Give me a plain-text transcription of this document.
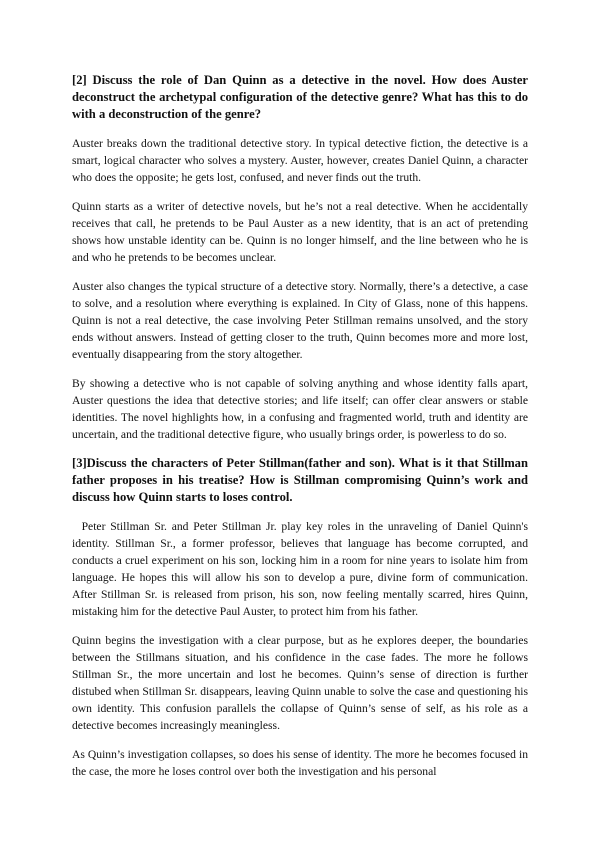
[2] Discuss the role of Dan Quinn as a detective in the novel. How does Auster deconstruct the archetypal configuration of the detective genre? What has this to do with a deconstruction of the genre?

Auster breaks down the traditional detective story. In typical detective fiction, the detective is a smart, logical character who solves a mystery. Auster, however, creates Daniel Quinn, a character who does the opposite; he gets lost, confused, and never finds out the truth.

Quinn starts as a writer of detective novels, but he’s not a real detective. When he accidentally receives that call, he pretends to be Paul Auster as a new identity, that is an act of pretending shows how unstable identity can be. Quinn is no longer himself, and the line between who he is and who he pretends to be becomes unclear.

Auster also changes the typical structure of a detective story. Normally, there’s a detective, a case to solve, and a resolution where everything is explained. In City of Glass, none of this happens. Quinn is not a real detective, the case involving Peter Stillman remains unsolved, and the story ends without answers. Instead of getting closer to the truth, Quinn becomes more and more lost, eventually disappearing from the story altogether.

By showing a detective who is not capable of solving anything and whose identity falls apart, Auster questions the idea that detective stories; and life itself; can offer clear answers or stable identities. The novel highlights how, in a confusing and fragmented world, truth and identity are uncertain, and the traditional detective figure, who usually brings order, is powerless to do so.

[3]Discuss the characters of Peter Stillman(father and son). What is it that Stillman father proposes in his treatise? How is Stillman compromising Quinn’s work and discuss how Quinn starts to loses control.

Peter Stillman Sr. and Peter Stillman Jr. play key roles in the unraveling of Daniel Quinn's identity. Stillman Sr., a former professor, believes that language has become corrupted, and conducts a cruel experiment on his son, locking him in a room for nine years to isolate him from language. He hopes this will allow his son to develop a pure, divine form of communication. After Stillman Sr. is released from prison, his son, now feeling mentally scarred, hires Quinn, mistaking him for the detective Paul Auster, to protect him from his father.

Quinn begins the investigation with a clear purpose, but as he explores deeper, the boundaries between the Stillmans situation, and his confidence in the case fades. The more he follows Stillman Sr., the more uncertain and lost he becomes. Quinn’s sense of direction is further distubed when Stillman Sr. disappears, leaving Quinn unable to solve the case and questioning his own identity. This confusion parallels the collapse of Quinn’s sense of self, as his role as a detective becomes increasingly meaningless.

As Quinn’s investigation collapses, so does his sense of identity. The more he becomes focused in the case, the more he loses control over both the investigation and his personal
